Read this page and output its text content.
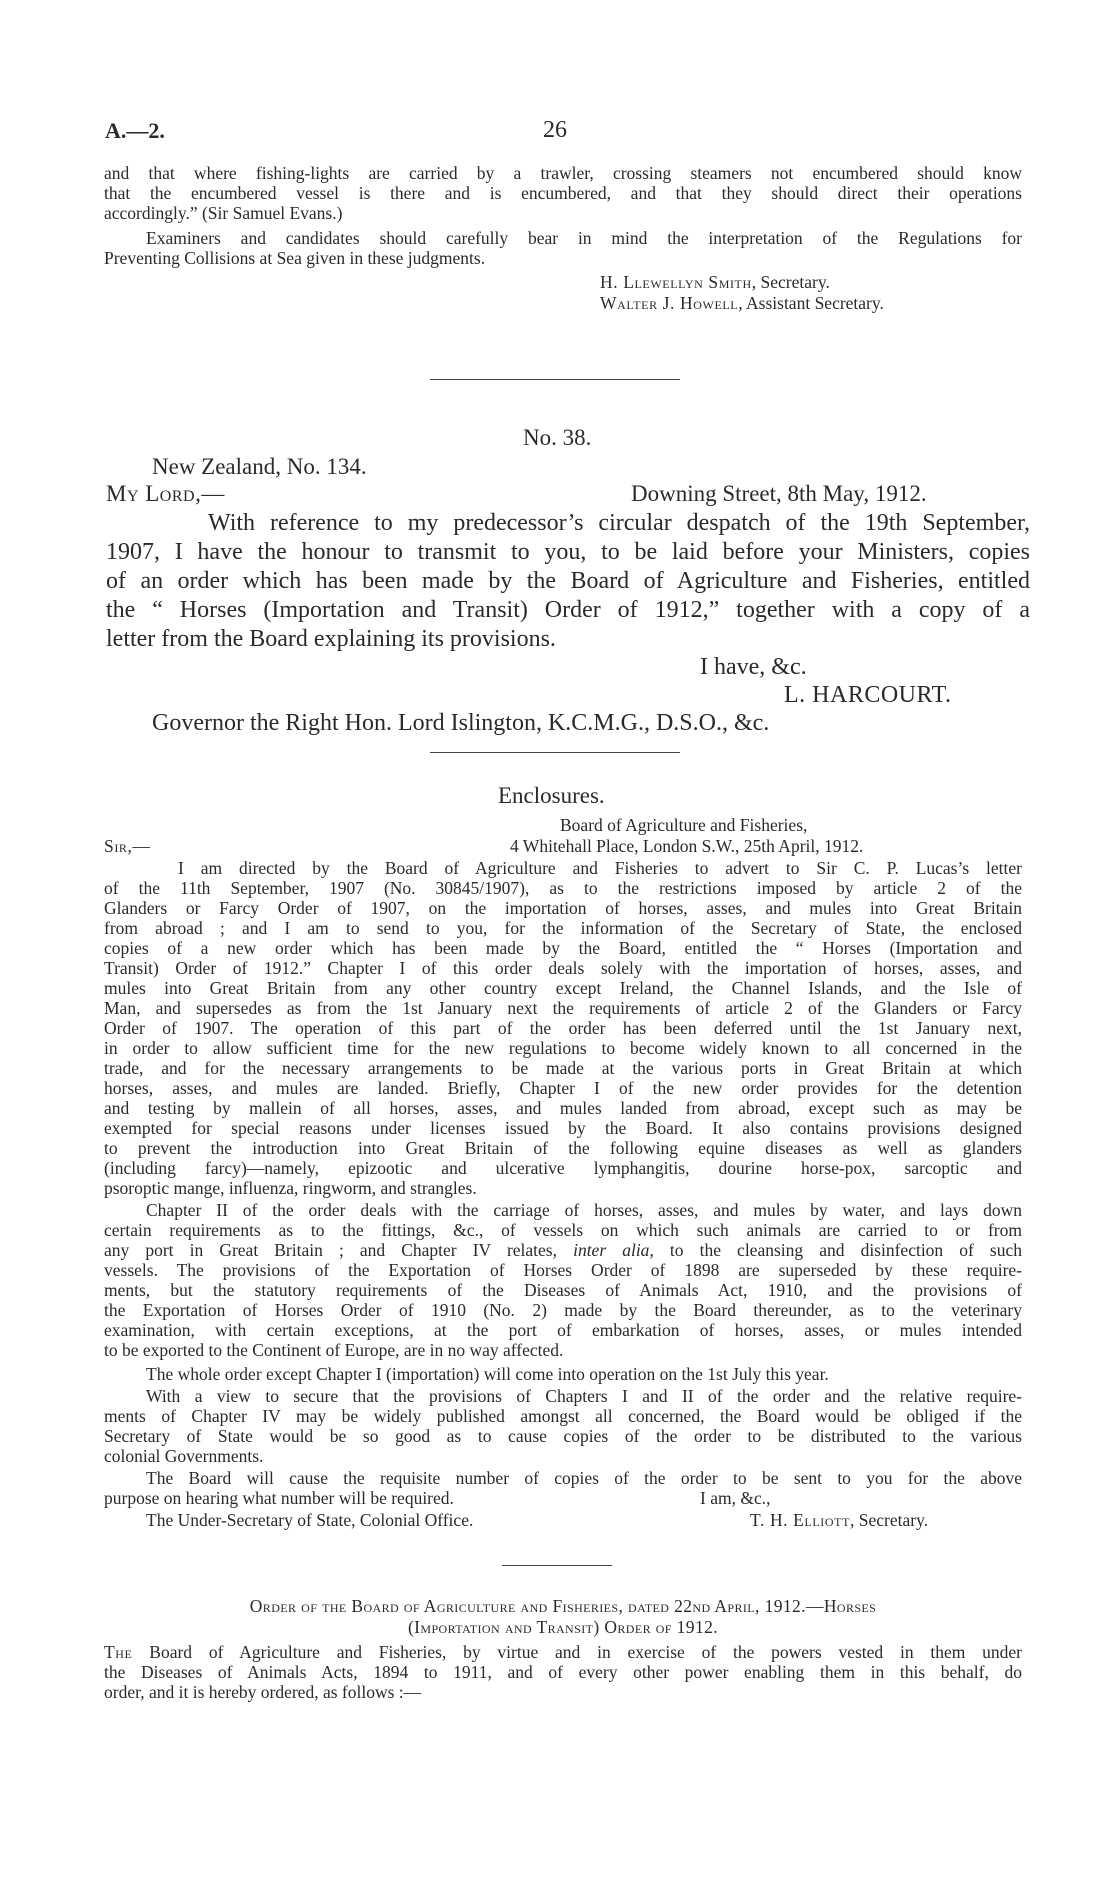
A.—2.	26
and that where fishing-lights are carried by a trawler, crossing steamers not encumbered should know
that the encumbered vessel is there and is encumbered, and that they should direct their operations
accordingly.” (Sir Samuel Evans.)
Examiners and candidates should carefully bear in mind the interpretation of the Regulations for
Preventing Collisions at Sea given in these judgments.
H. Llewellyn Smith, Secretary.
Walter J. Howell, Assistant Secretary.
No. 38.
New Zealand, No. 134.
My Lord,—	Downing Street, 8th May, 1912.
With reference to my predecessor’s circular despatch of the 19th September,
1907, I have the honour to transmit to you, to be laid before your Ministers, copies
of an order which has been made by the Board of Agriculture and Fisheries, entitled
the “ Horses (Importation and Transit) Order of 1912,” together with a copy of a
letter from the Board explaining its provisions.
I have, &c.
L. HARCOURT.
Governor the Right Hon. Lord Islington, K.C.M.G., D.S.O., &c.
Enclosures.
Board of Agriculture and Fisheries,
Sir,—	4 Whitehall Place, London S.W., 25th April, 1912.
I am directed by the Board of Agriculture and Fisheries to advert to Sir C. P. Lucas’s letter
of the 11th September, 1907 (No. 30845/1907), as to the restrictions imposed by article 2 of the
Glanders or Farcy Order of 1907, on the importation of horses, asses, and mules into Great Britain
from abroad ; and I am to send to you, for the information of the Secretary of State, the enclosed
copies of a new order which has been made by the Board, entitled the “ Horses (Importation and
Transit) Order of 1912.” Chapter I of this order deals solely with the importation of horses, asses, and
mules into Great Britain from any other country except Ireland, the Channel Islands, and the Isle of
Man, and supersedes as from the 1st January next the requirements of article 2 of the Glanders or Farcy
Order of 1907. The operation of this part of the order has been deferred until the 1st January next,
in order to allow sufficient time for the new regulations to become widely known to all concerned in the
trade, and for the necessary arrangements to be made at the various ports in Great Britain at which
horses, asses, and mules are landed. Briefly, Chapter I of the new order provides for the detention
and testing by mallein of all horses, asses, and mules landed from abroad, except such as may be
exempted for special reasons under licenses issued by the Board. It also contains provisions designed
to prevent the introduction into Great Britain of the following equine diseases as well as glanders
(including farcy)—namely, epizootic and ulcerative lymphangitis, dourine horse-pox, sarcoptic and
psoroptic mange, influenza, ringworm, and strangles.
Chapter II of the order deals with the carriage of horses, asses, and mules by water, and lays down
certain requirements as to the fittings, &c., of vessels on which such animals are carried to or from
any port in Great Britain ; and Chapter IV relates, inter alia, to the cleansing and disinfection of such
vessels. The provisions of the Exportation of Horses Order of 1898 are superseded by these require-
ments, but the statutory requirements of the Diseases of Animals Act, 1910, and the provisions of
the Exportation of Horses Order of 1910 (No. 2) made by the Board thereunder, as to the veterinary
examination, with certain exceptions, at the port of embarkation of horses, asses, or mules intended
to be exported to the Continent of Europe, are in no way affected.
The whole order except Chapter I (importation) will come into operation on the 1st July this year.
With a view to secure that the provisions of Chapters I and II of the order and the relative require-
ments of Chapter IV may be widely published amongst all concerned, the Board would be obliged if the
Secretary of State would be so good as to cause copies of the order to be distributed to the various
colonial Governments.
The Board will cause the requisite number of copies of the order to be sent to you for the above
purpose on hearing what number will be required.	I am, &c.,
The Under-Secretary of State, Colonial Office.	T. H. Elliott, Secretary.
Order of the Board of Agriculture and Fisheries, dated 22nd April, 1912.—Horses
(Importation and Transit) Order of 1912.
The Board of Agriculture and Fisheries, by virtue and in exercise of the powers vested in them under
the Diseases of Animals Acts, 1894 to 1911, and of every other power enabling them in this behalf, do
order, and it is hereby ordered, as follows :—
